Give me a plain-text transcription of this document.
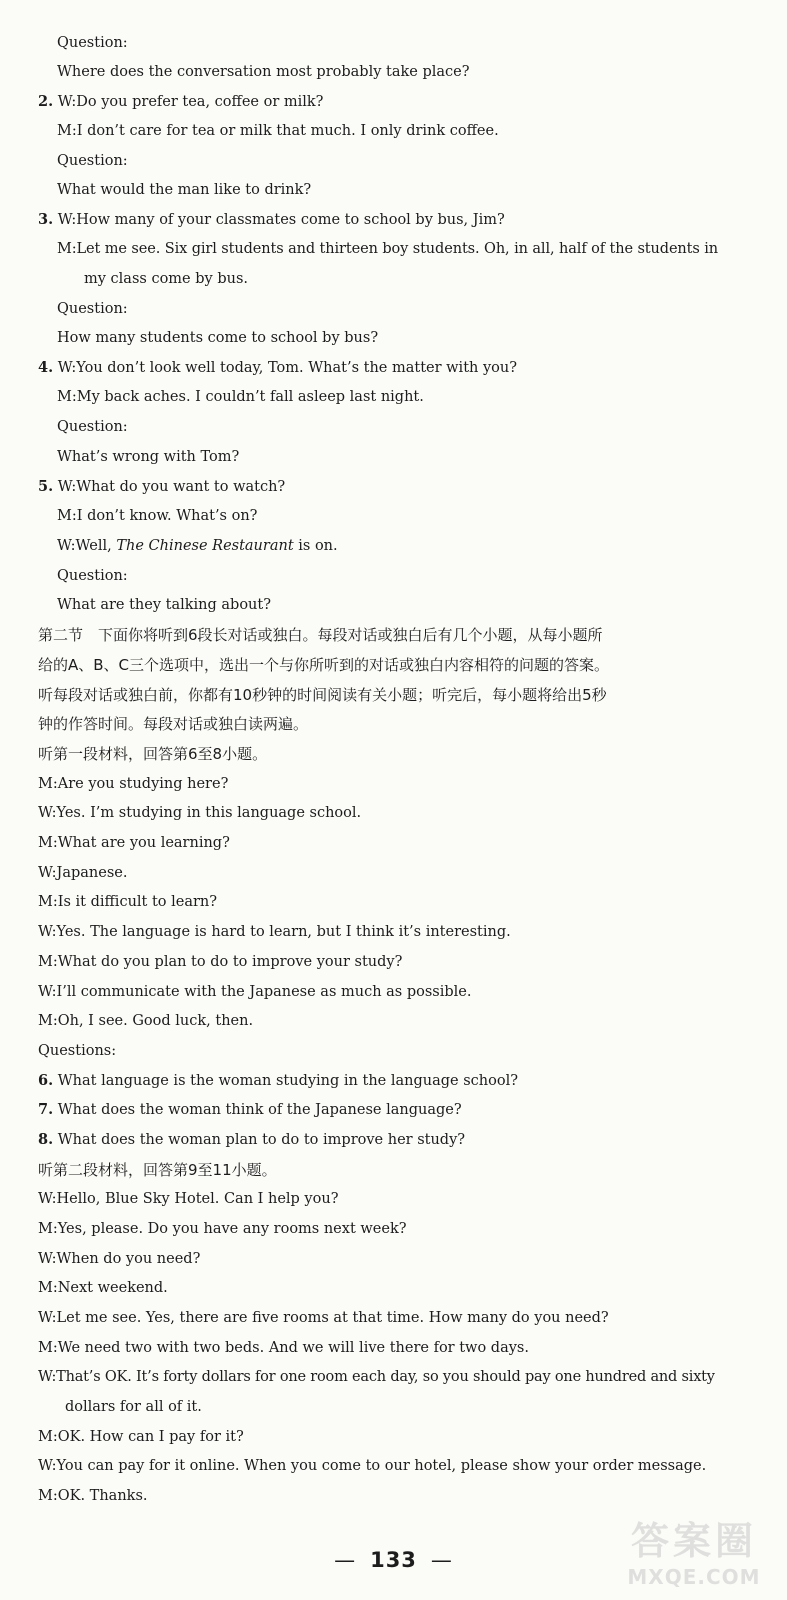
Question:
Where does the conversation most probably take place?
2. W:Do you prefer tea, coffee or milk?
M:I don’t care for tea or milk that much. I only drink coffee.
Question:
What would the man like to drink?
3. W:How many of your classmates come to school by bus, Jim?
M:Let me see. Six girl students and thirteen boy students. Oh, in all, half of the students in
my class come by bus.
Question:
How many students come to school by bus?
4. W:You don’t look well today, Tom. What’s the matter with you?
M:My back aches. I couldn’t fall asleep last night.
Question:
What’s wrong with Tom?
5. W:What do you want to watch?
M:I don’t know. What’s on?
W:Well, The Chinese Restaurant is on.
Question:
What are they talking about?
第二节　下面你将听到6段长对话或独白。每段对话或独白后有几个小题，从每小题所
给的A、B、C三个选项中，选出一个与你所听到的对话或独白内容相符的问题的答案。
听每段对话或独白前，你都有10秒钟的时间阅读有关小题；听完后，每小题将给出5秒
钟的作答时间。每段对话或独白读两遍。
听第一段材料，回答第6至8小题。
M:Are you studying here?
W:Yes. I’m studying in this language school.
M:What are you learning?
W:Japanese.
M:Is it difficult to learn?
W:Yes. The language is hard to learn, but I think it’s interesting.
M:What do you plan to do to improve your study?
W:I’ll communicate with the Japanese as much as possible.
M:Oh, I see. Good luck, then.
Questions:
6. What language is the woman studying in the language school?
7. What does the woman think of the Japanese language?
8. What does the woman plan to do to improve her study?
听第二段材料，回答第9至11小题。
W:Hello, Blue Sky Hotel. Can I help you?
M:Yes, please. Do you have any rooms next week?
W:When do you need?
M:Next weekend.
W:Let me see. Yes, there are five rooms at that time. How many do you need?
M:We need two with two beds. And we will live there for two days.
W:That’s OK. It’s forty dollars for one room each day, so you should pay one hundred and sixty
dollars for all of it.
M:OK. How can I pay for it?
W:You can pay for it online. When you come to our hotel, please show your order message.
M:OK. Thanks.
— 133 —	答案圈
MXQE.COM
